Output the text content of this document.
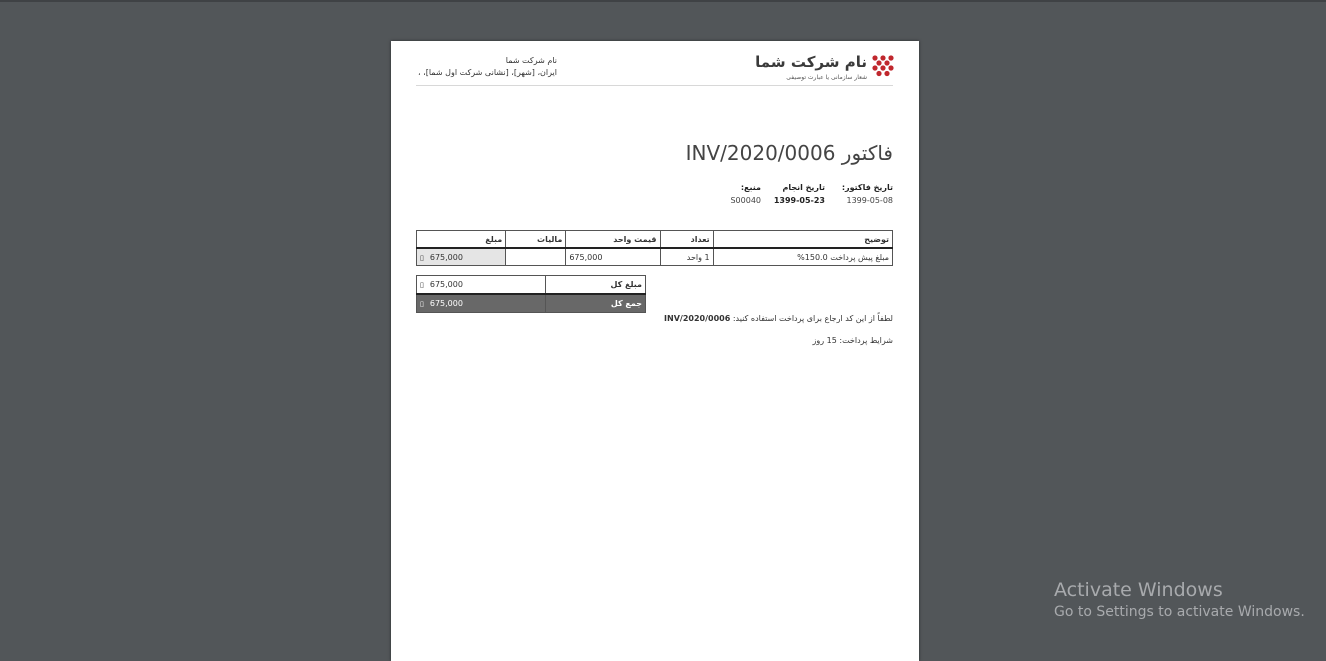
نام شرکت شما
ایران، [شهر]، [نشانی شرکت اول شما]، ،
نام شرکت شما
شعار سازمانی یا عبارت توصیفی
فاکتور INV/2020/0006
تاریخ فاکتور:
1399-05-08
تاریخ انجام
1399-05-23
منبع:
S00040
توضیح	تعداد	قیمت واحد	مالیات	مبلغ
مبلغ پیش پرداخت 150.0%	1 واحد	675,000		▯ 675,000
▯ 675,000	مبلغ کل
▯ 675,000	جمع کل
لطفاً از این کد ارجاع برای پرداخت استفاده کنید: INV/2020/0006
شرایط پرداخت: 15 روز
Activate Windows
Go to Settings to activate Windows.
